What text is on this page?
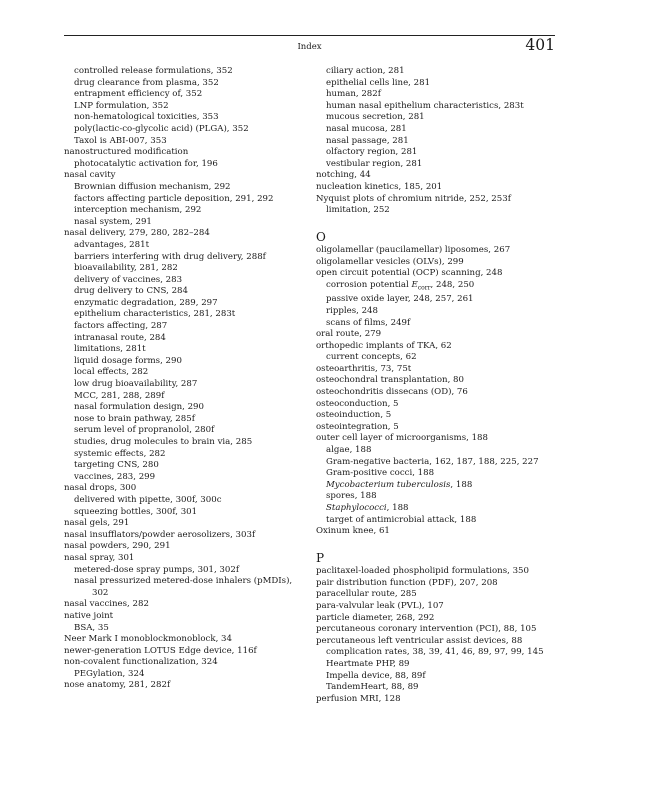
Index	401
controlled release formulations, 352
drug clearance from plasma, 352
entrapment efficiency of, 352
LNP formulation, 352
non-hematological toxicities, 353
poly(lactic-co-glycolic acid) (PLGA), 352
Taxol is ABI-007, 353
nanostructured modification
photocatalytic activation for, 196
nasal cavity
Brownian diffusion mechanism, 292
factors affecting particle deposition, 291, 292
interception mechanism, 292
nasal system, 291
nasal delivery, 279, 280, 282–284
advantages, 281t
barriers interfering with drug delivery, 288f
bioavailability, 281, 282
delivery of vaccines, 283
drug delivery to CNS, 284
enzymatic degradation, 289, 297
epithelium characteristics, 281, 283t
factors affecting, 287
intranasal route, 284
limitations, 281t
liquid dosage forms, 290
local effects, 282
low drug bioavailability, 287
MCC, 281, 288, 289f
nasal formulation design, 290
nose to brain pathway, 285f
serum level of propranolol, 280f
studies, drug molecules to brain via, 285
systemic effects, 282
targeting CNS, 280
vaccines, 283, 299
nasal drops, 300
delivered with pipette, 300f, 300c
squeezing bottles, 300f, 301
nasal gels, 291
nasal insufflators/powder aerosolizers, 303f
nasal powders, 290, 291
nasal spray, 301
metered-dose spray pumps, 301, 302f
nasal pressurized metered-dose inhalers (pMDIs),
302
nasal vaccines, 282
native joint
BSA, 35
Neer Mark I monoblockmonoblock, 34
newer-generation LOTUS Edge device, 116f
non-covalent functionalization, 324
PEGylation, 324
nose anatomy, 281, 282f
ciliary action, 281
epithelial cells line, 281
human, 282f
human nasal epithelium characteristics, 283t
mucous secretion, 281
nasal mucosa, 281
nasal passage, 281
olfactory region, 281
vestibular region, 281
notching, 44
nucleation kinetics, 185, 201
Nyquist plots of chromium nitride, 252, 253f
limitation, 252
O
oligolamellar (paucilamellar) liposomes, 267
oligolamellar vesicles (OLVs), 299
open circuit potential (OCP) scanning, 248
corrosion potential $E_{corr}$, 248, 250
passive oxide layer, 248, 257, 261
ripples, 248
scans of films, 249f
oral route, 279
orthopedic implants of TKA, 62
current concepts, 62
osteoarthritis, 73, 75t
osteochondral transplantation, 80
osteochondritis dissecans (OD), 76
osteoconduction, 5
osteoinduction, 5
osteointegration, 5
outer cell layer of microorganisms, 188
algae, 188
Gram-negative bacteria, 162, 187, 188, 225, 227
Gram-positive cocci, 188
Mycobacterium tuberculosis, 188
spores, 188
Staphylococci, 188
target of antimicrobial attack, 188
Oxinum knee, 61
P
paclitaxel-loaded phospholipid formulations, 350
pair distribution function (PDF), 207, 208
paracellular route, 285
para-valvular leak (PVL), 107
particle diameter, 268, 292
percutaneous coronary intervention (PCI), 88, 105
percutaneous left ventricular assist devices, 88
complication rates, 38, 39, 41, 46, 89, 97, 99, 145
Heartmate PHP, 89
Impella device, 88, 89f
TandemHeart, 88, 89
perfusion MRI, 128
